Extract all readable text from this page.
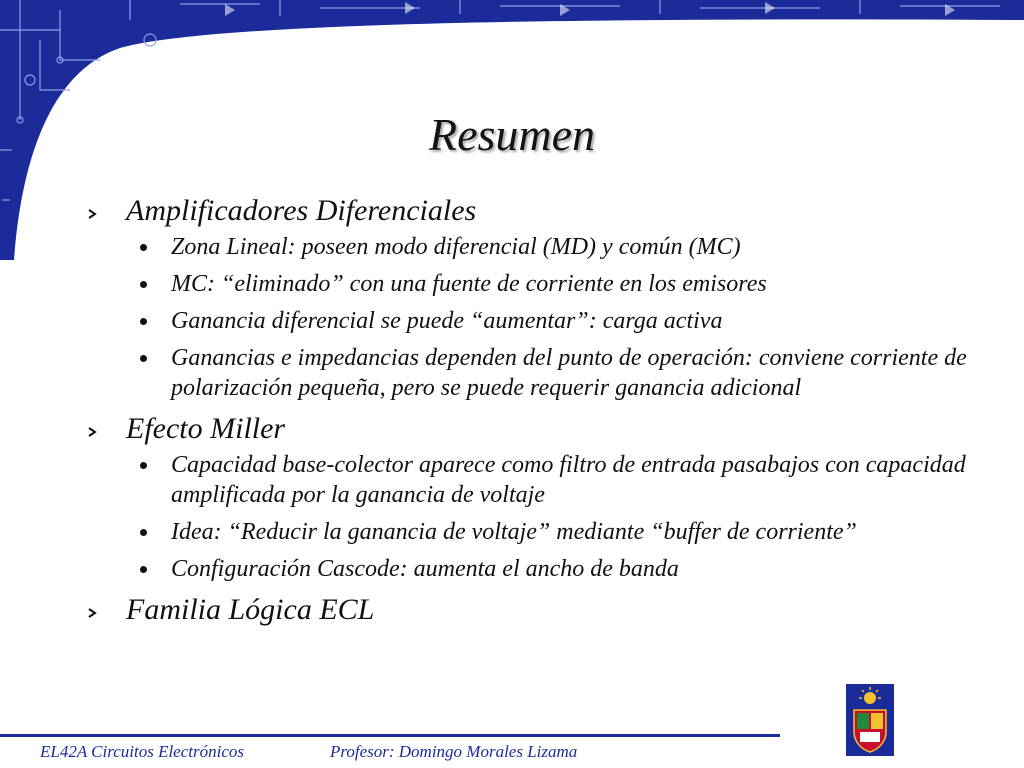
Resumen
Amplificadores Diferenciales
Zona Lineal: poseen modo diferencial (MD) y común (MC)
MC: “eliminado” con una fuente de corriente en los emisores
Ganancia diferencial se puede “aumentar”: carga activa
Ganancias e impedancias dependen del punto de operación: conviene corriente de polarización pequeña, pero se puede requerir ganancia adicional
Efecto Miller
Capacidad base-colector aparece como filtro de entrada pasabajos con capacidad amplificada por la ganancia de voltaje
Idea: “Reducir la ganancia de voltaje” mediante “buffer de corriente”
Configuración Cascode: aumenta el ancho de banda
Familia Lógica ECL
EL42A Circuitos Electrónicos	Profesor: Domingo Morales Lizama
